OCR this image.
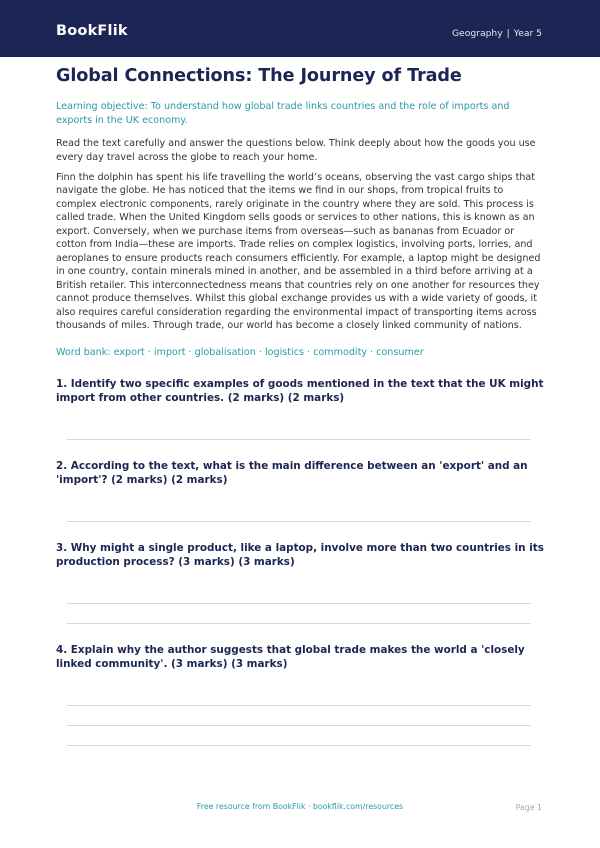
BookFlik	Geography | Year 5
Global Connections: The Journey of Trade

Learning objective: To understand how global trade links countries and the role of imports and exports in the UK economy.

Read the text carefully and answer the questions below. Think deeply about how the goods you use every day travel across the globe to reach your home.

Finn the dolphin has spent his life travelling the world’s oceans, observing the vast cargo ships that navigate the globe. He has noticed that the items we find in our shops, from tropical fruits to complex electronic components, rarely originate in the country where they are sold. This process is called trade. When the United Kingdom sells goods or services to other nations, this is known as an export. Conversely, when we purchase items from overseas—such as bananas from Ecuador or cotton from India—these are imports. Trade relies on complex logistics, involving ports, lorries, and aeroplanes to ensure products reach consumers efficiently. For example, a laptop might be designed in one country, contain minerals mined in another, and be assembled in a third before arriving at a British retailer. This interconnectedness means that countries rely on one another for resources they cannot produce themselves. Whilst this global exchange provides us with a wide variety of goods, it also requires careful consideration regarding the environmental impact of transporting items across thousands of miles. Through trade, our world has become a closely linked community of nations.

Word bank: export · import · globalisation · logistics · commodity · consumer

1. Identify two specific examples of goods mentioned in the text that the UK might import from other countries. (2 marks) (2 marks)

2. According to the text, what is the main difference between an 'export' and an 'import'? (2 marks) (2 marks)

3. Why might a single product, like a laptop, involve more than two countries in its production process? (3 marks) (3 marks)

4. Explain why the author suggests that global trade makes the world a 'closely linked community'. (3 marks) (3 marks)

Free resource from BookFlik · bookflik.com/resources	Page 1
